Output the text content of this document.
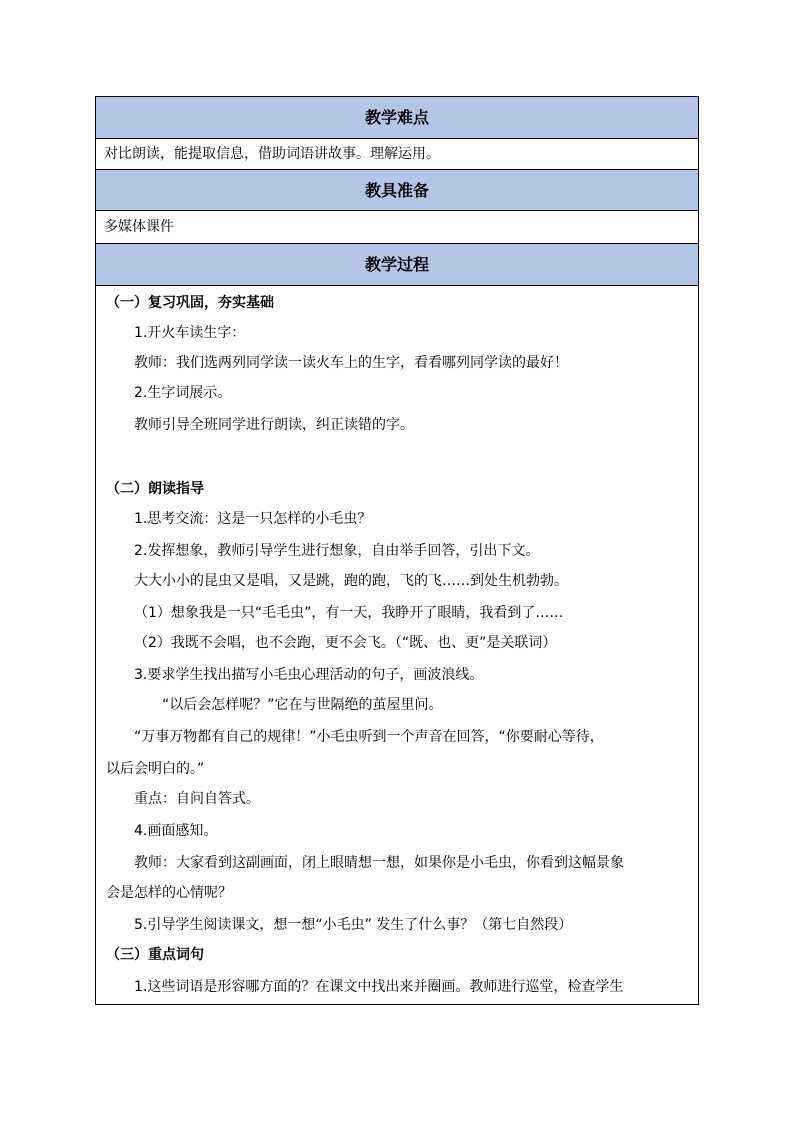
教学难点
对比朗读，能提取信息，借助词语讲故事。理解运用。
教具准备
多媒体课件
教学过程
（一）复习巩固，夯实基础
1.开火车读生字：
教师：我们选两列同学读一读火车上的生字，看看哪列同学读的最好！
2.生字词展示。
教师引导全班同学进行朗读，纠正读错的字。
（二）朗读指导
1.思考交流：这是一只怎样的小毛虫？
2.发挥想象，教师引导学生进行想象，自由举手回答，引出下文。
大大小小的昆虫又是唱，又是跳，跑的跑，飞的飞……到处生机勃勃。
（1）想象我是一只“毛毛虫”，有一天，我睁开了眼睛，我看到了……
（2）我既不会唱，也不会跑，更不会飞。（“既、也、更”是关联词）
3.要求学生找出描写小毛虫心理活动的句子，画波浪线。
“以后会怎样呢？”它在与世隔绝的茧屋里问。
“万事万物都有自己的规律！”小毛虫听到一个声音在回答，“你要耐心等待，
以后会明白的。”
重点：自问自答式。
4.画面感知。
教师：大家看到这副画面，闭上眼睛想一想，如果你是小毛虫，你看到这幅景象
会是怎样的心情呢？
5.引导学生阅读课文，想一想“小毛虫” 发生了什么事？（第七自然段）
（三）重点词句
1.这些词语是形容哪方面的？在课文中找出来并圈画。教师进行巡堂，检查学生
